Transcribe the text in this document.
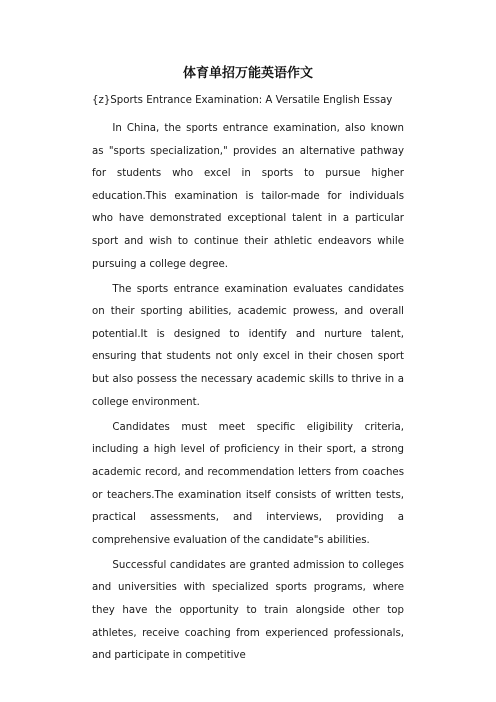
体育单招万能英语作文
{z}Sports Entrance Examination: A Versatile English Essay

In China, the sports entrance examination, also known as "sports specialization," provides an alternative pathway for students who excel in sports to pursue higher education.This examination is tailor-made for individuals who have demonstrated exceptional talent in a particular sport and wish to continue their athletic endeavors while pursuing a college degree.

The sports entrance examination evaluates candidates on their sporting abilities, academic prowess, and overall potential.It is designed to identify and nurture talent, ensuring that students not only excel in their chosen sport but also possess the necessary academic skills to thrive in a college environment.

Candidates must meet specific eligibility criteria, including a high level of proficiency in their sport, a strong academic record, and recommendation letters from coaches or teachers.The examination itself consists of written tests, practical assessments, and interviews, providing a comprehensive evaluation of the candidate"s abilities.

Successful candidates are granted admission to colleges and universities with specialized sports programs, where they have the opportunity to train alongside other top athletes, receive coaching from experienced professionals, and participate in competitive
